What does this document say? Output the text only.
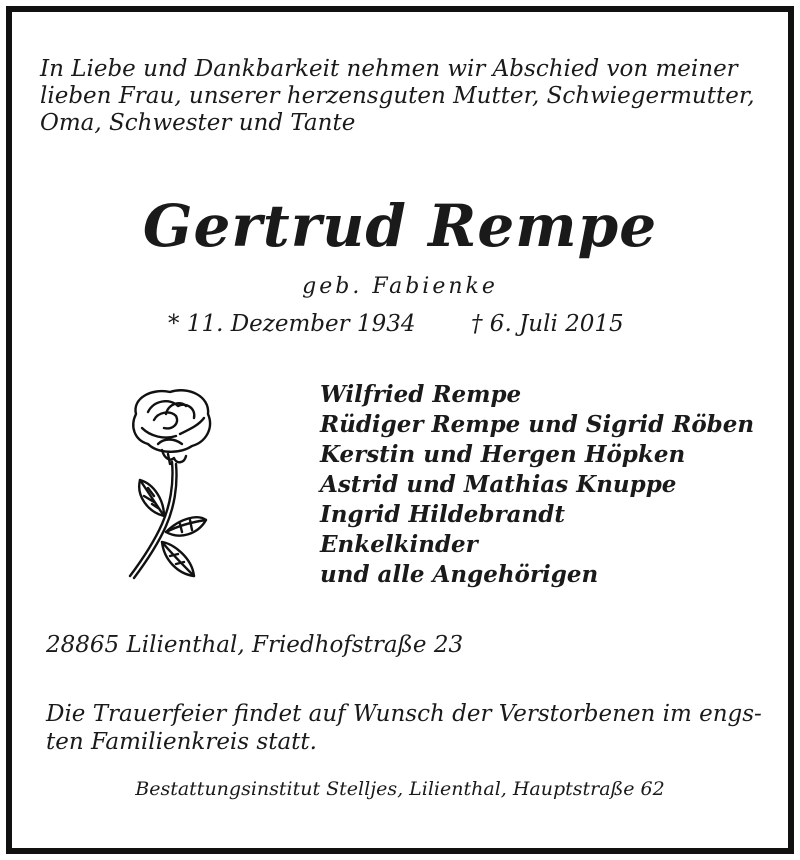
In Liebe und Dankbarkeit nehmen wir Abschied von meiner
lieben Frau, unserer herzensguten Mutter, Schwiegermutter,
Oma, Schwester und Tante

Gertrud Rempe
geb. Fabienke
* 11. Dezember 1934 † 6. Juli 2015
Wilfried Rempe
Rüdiger Rempe und Sigrid Röben
Kerstin und Hergen Höpken
Astrid und Mathias Knuppe
Ingrid Hildebrandt
Enkelkinder
und alle Angehörigen
28865 Lilienthal, Friedhofstraße 23

Die Trauerfeier findet auf Wunsch der Verstorbenen im engs-
ten Familienkreis statt.

Bestattungsinstitut Stelljes, Lilienthal, Hauptstraße 62
